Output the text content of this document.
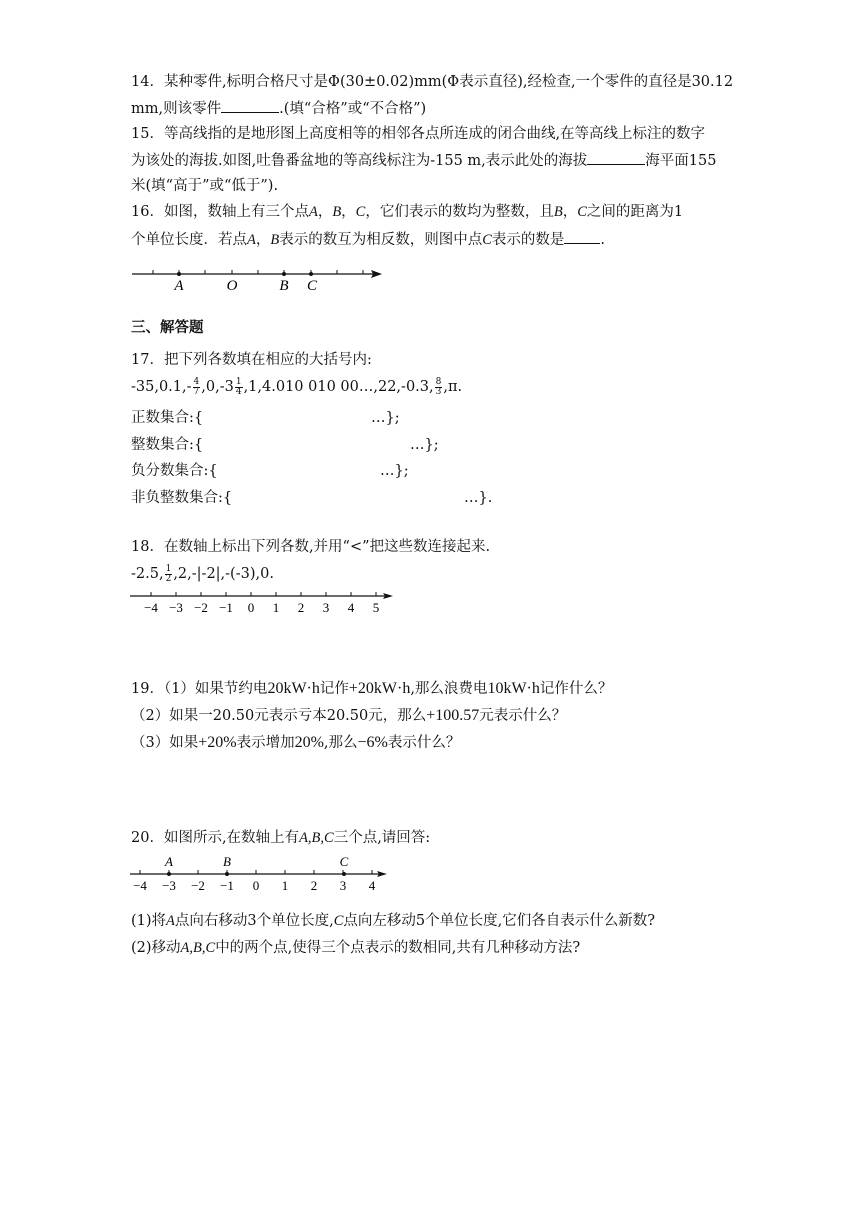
14．某种零件,标明合格尺寸是Φ(30±0.02)mm(Φ表示直径),经检查,一个零件的直径是30.12
mm,则该零件	.(填“合格”或“不合格”)
15．等高线指的是地形图上高度相等的相邻各点所连成的闭合曲线,在等高线上标注的数字
为该处的海拔.如图,吐鲁番盆地的等高线标注为-155 m,表示此处的海拔	海平面155
米(填“高于”或“低于”).
16．如图，数轴上有三个点A，B，C，它们表示的数均为整数，且B，C之间的距离为1
个单位长度．若点A，B表示的数互为相反数，则图中点C表示的数是 .
A	O	B C
三、解答题
17．把下列各数填在相应的大括号内:
$-35,0.1,- \frac{4}{7} ,0,-3 \frac{1}{4} ,1,4.010$ 010 00…,22,-0.3, $\frac{8}{3} ,\pi$.
正数集合:{	…};
整数集合:{	…};
负分数集合:{	…};
非负整数集合:{	…}.
18．在数轴上标出下列各数,并用“<”把这些数连接起来.
-2.5, $\frac{1}{2} ,2,-|-2|,-(-3),0$.
−4 −3 −2 −1 0 1 2 3 4 5
19．（1）如果节约电20kW·h记作+20kW·h,那么浪费电10kW·h记作什么？
（2）如果一20.50元表示亏本20.50元，那么+100.57元表示什么？
（3）如果+20%表示增加20%,那么−6%表示什么？
20．如图所示,在数轴上有A,B,C三个点,请回答:
−4 −3 −2 −1 0 1 2 3 4
A	B	C
(1)将A点向右移动3个单位长度,C点向左移动5个单位长度,它们各自表示什么新数?
(2)移动A,B,C中的两个点,使得三个点表示的数相同,共有几种移动方法?
